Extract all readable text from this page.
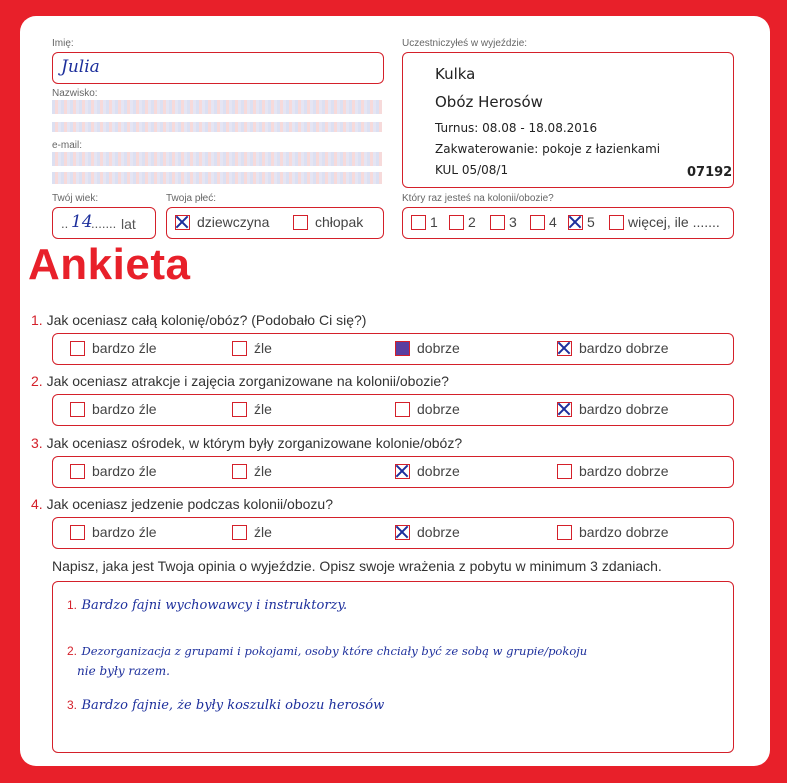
Imię:
Julia
Nazwisko:
e-mail:
Twój wiek:
.. 14
....... lat
Twoja płeć:
dziewczyna	chłopak
Uczestniczyłeś w wyjeździe:
Kulka
Obóz Herosów
Turnus: 08.08 - 18.08.2016
Zakwaterowanie: pokoje z łazienkami
KUL 05/08/1	07192
Który raz jesteś na kolonii/obozie?
1 2 3 4 5 więcej, ile .......
Ankieta
1. Jak oceniasz całą kolonię/obóz? (Podobało Ci się?)
bardzo źle	źle	dobrze	bardzo dobrze
2. Jak oceniasz atrakcje i zajęcia zorganizowane na kolonii/obozie?
bardzo źle	źle	dobrze	bardzo dobrze
3. Jak oceniasz ośrodek, w którym były zorganizowane kolonie/obóz?
bardzo źle	źle	dobrze	bardzo dobrze
4. Jak oceniasz jedzenie podczas kolonii/obozu?
bardzo źle	źle	dobrze	bardzo dobrze
Napisz, jaka jest Twoja opinia o wyjeździe. Opisz swoje wrażenia z pobytu w minimum 3 zdaniach.
1. Bardzo fajni wychowawcy i instruktorzy.
2. Dezorganizacja z grupami i pokojami, osoby które chciały być ze sobą w grupie/pokoju
nie były razem.
3. Bardzo fajnie, że były koszulki obozu herosów
